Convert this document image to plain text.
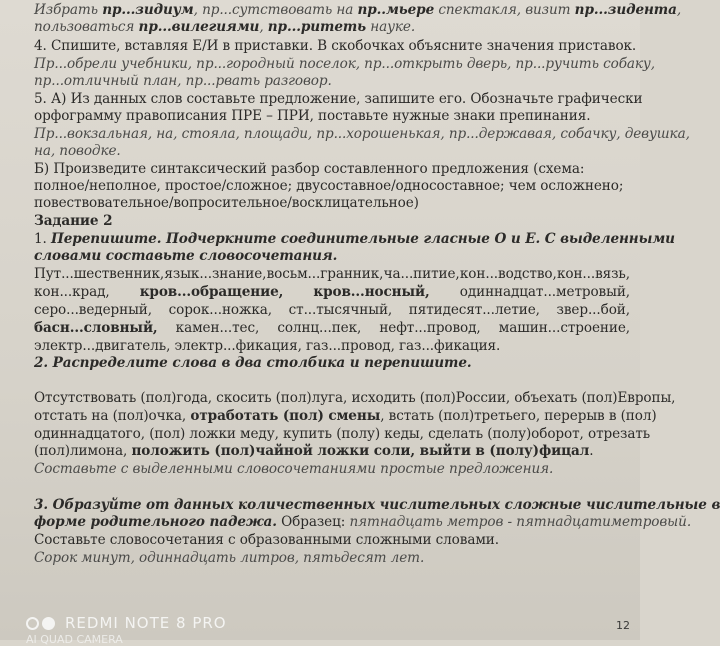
Избрать пр...зидиум, пр...сутствовать на пр..мьере спектакля, визит пр...зидента,
пользоваться пр...вилегиями, пр...ритеть науке.
4. Спишите, вставляя Е/И в приставки. В скобочках объясните значения приставок.
Пр...обрели учебники, пр...городный поселок, пр...открыть дверь, пр...ручить собаку,
пр...отличный план, пр...рвать разговор.
5. А) Из данных слов составьте предложение, запишите его. Обозначьте графически
орфограмму правописания ПРЕ – ПРИ, поставьте нужные знаки препинания.
Пр...вокзальная, на, стояла, площади, пр...хорошенькая, пр...державая, собачку, девушка,
на, поводке.
Б) Произведите синтаксический разбор составленного предложения (схема:
полное/неполное, простое/сложное; двусоставное/односоставное; чем осложнено;
повествовательное/вопросительное/восклицательное)
Задание 2
1. Перепишите. Подчеркните соединительные гласные О и Е. С выделенными
словами составьте словосочетания.
Пут...шественник, язык...знание, восьм...гранник, ча...питие, кон...водство, кон...вязь,
кон...крад, кров...обращение, кров...носный, одиннадцат...метровый,
серо...ведерный, сорок...ножка, ст...тысячный, пятидесят...летие, звер...бой,
басн...словный, камен...тес, солнц...пек, нефт...провод, машин...строение,
электр...двигатель, электр...фикация, газ...провод, газ...фикация.
2. Распределите слова в два столбика и перепишите.
Отсутствовать (пол)года, скосить (пол)луга, исходить (пол)России, объехать (пол)Европы,
отстать на (пол)очка, отработать (пол) смены, встать (пол)третьего, перерыв в (пол)
одиннадцатого, (пол) ложки меду, купить (полу) кеды, сделать (полу)оборот, отрезать
(пол)лимона, положить (пол)чайной ложки соли, выйти в (полу)фицал.
Составьте с выделенными словосочетаниями простые предложения.
3. Образуйте от данных количественных числительных сложные числительные в
форме родительного падежа. Образец: пятнадцать метров - пятнадцатиметровый.
Составьте словосочетания с образованными сложными словами.
Сорок минут, одиннадцать литров, пятьдесят лет.
REDMI NOTE 8 PRO
AI QUAD CAMERA
12
